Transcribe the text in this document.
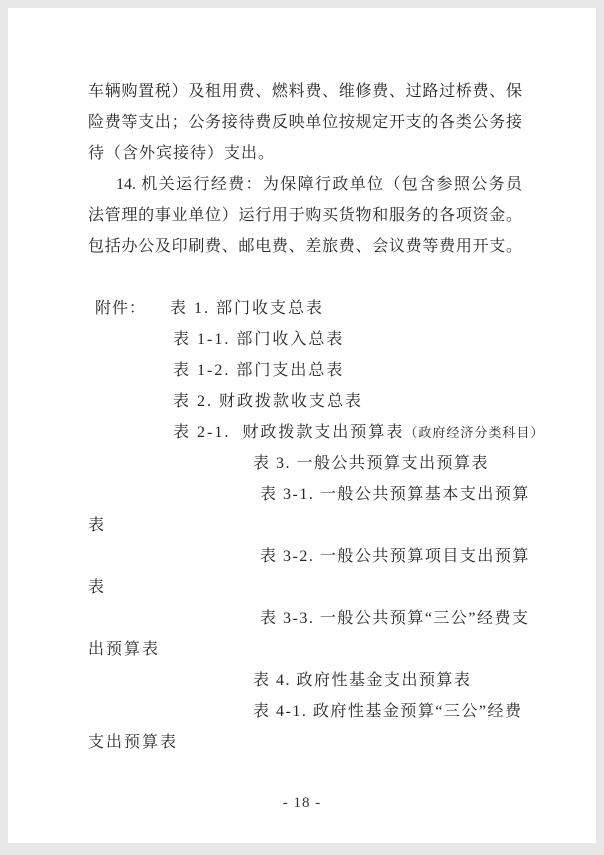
车辆购置税）及租用费、燃料费、维修费、过路过桥费、保
险费等支出；公务接待费反映单位按规定开支的各类公务接
待（含外宾接待）支出。
14. 机关运行经费：为保障行政单位（包含参照公务员
法管理的事业单位）运行用于购买货物和服务的各项资金。
包括办公及印刷费、邮电费、差旅费、会议费等费用开支。
附件： 表 1. 部门收支总表
表 1-1. 部门收入总表
表 1-2. 部门支出总表
表 2. 财政拨款收支总表
表 2-1.  财政拨款支出预算表（政府经济分类科目）
表 3. 一般公共预算支出预算表
表 3-1. 一般公共预算基本支出预算
表
表 3-2. 一般公共预算项目支出预算
表
表 3-3. 一般公共预算“三公”经费支
出预算表
表 4. 政府性基金支出预算表
表 4-1. 政府性基金预算“三公”经费
支出预算表
- 18 -
